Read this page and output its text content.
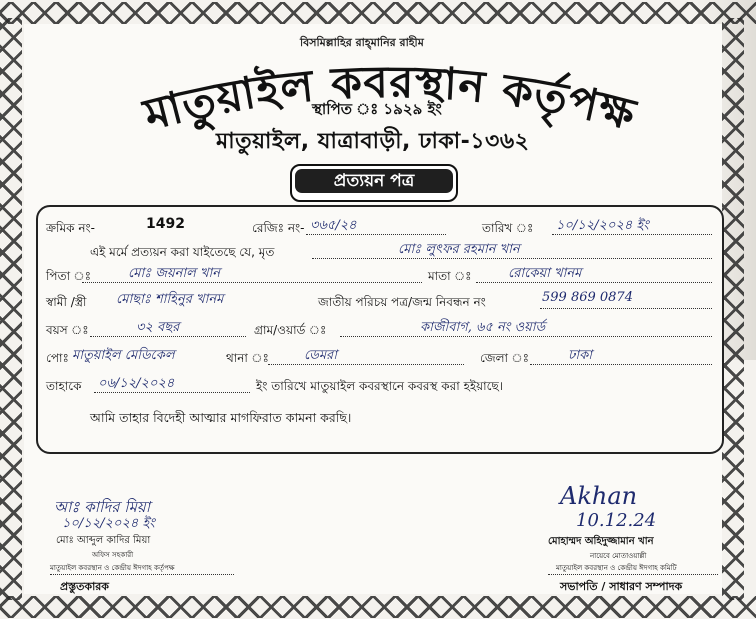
বিসমিল্লাহির রাহ্‌মানির রাহীম
মাতুয়াইল কবরস্থান কর্তৃপক্ষ
স্থাপিত ঃ ১৯২৯ ইং
মাতুয়াইল, যাত্রাবাড়ী, ঢাকা-১৩৬২
প্রত্যয়ন পত্র
ক্রমিক নং-	1492	রেজিঃ নং- ৩৬৫/২৪	তারিখ ঃ ১০/১২/২০২৪ ইং
এই মর্মে প্রত্যয়ন করা যাইতেছে যে, মৃত	মোঃ লুৎফর রহমান খান
পিতা ঃ	মোঃ জয়নাল খান	মাতা ঃ	রোকেয়া খানম
স্বামী /স্ত্রী মোছাঃ শাহিনুর খানম	জাতীয় পরিচয় পত্র/জন্ম নিবন্ধন নং	599 869 0874
বয়স ঃ	৩২ বছর	গ্রাম/ওয়ার্ড ঃ	কাজীবাগ, ৬৫ নং ওয়ার্ড
পোঃ মাতুয়াইল মেডিকেল	থানা ঃ	ডেমরা	জেলা ঃ	ঢাকা
তাহাকে ০৬/১২/২০২৪	ইং তারিখে মাতুয়াইল কবরস্থানে কবরস্থ করা হইয়াছে।
আমি তাহার বিদেহী আত্মার মাগফিরাত কামনা করছি।
আঃ কাদির মিয়া
১০/১২/২০২৪ ইং
মোঃ আব্দুল কাদির মিয়া
অফিস সহকারী
মাতুয়াইল কবরস্থান ও কেন্দ্রীয় ঈদগাহ কর্তৃপক্ষ
প্রস্তুতকারক
Akhan
10.12.24
মোহাম্মদ অহিদুজ্জামান খান
নায়েবে মোতাওয়াল্লী
মাতুয়াইল কবরস্থান ও কেন্দ্রীয় ঈদগাহ কমিটি
সভাপতি / সাধারণ সম্পাদক
